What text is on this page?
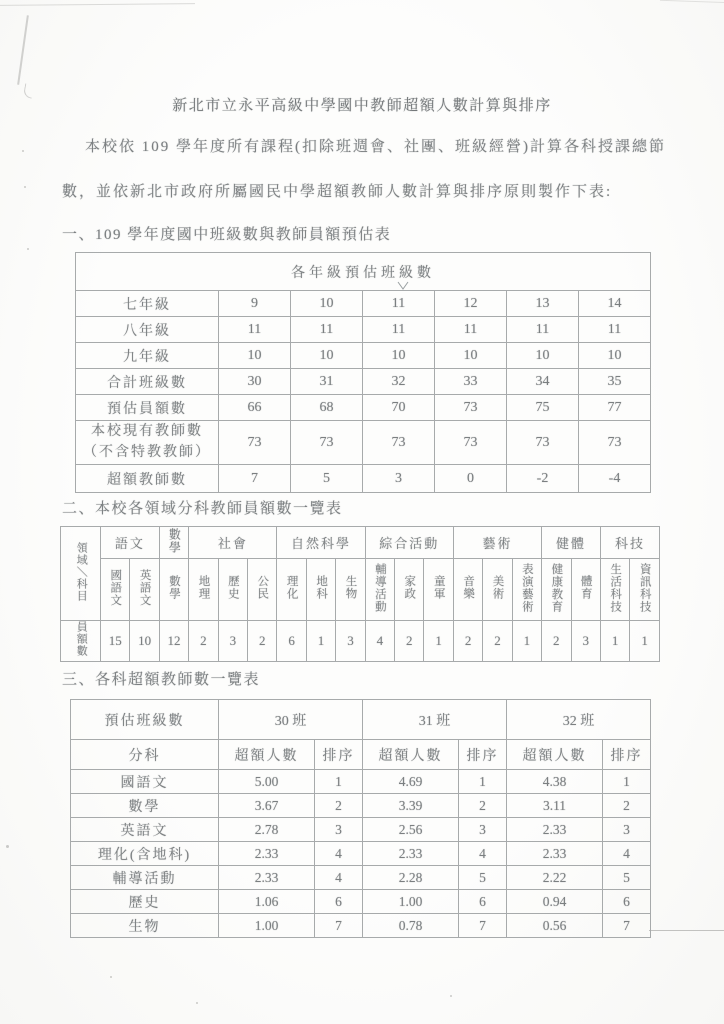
新北市立永平高級中學國中教師超額人數計算與排序
本校依 109 學年度所有課程(扣除班週會、社團、班級經營)計算各科授課總節
數，並依新北市政府所屬國民中學超額教師人數計算與排序原則製作下表:
一、109 學年度國中班級數與教師員額預估表
各年級預估班級數						
七年級	9	10	11	12	13	14
八年級	11	11	11	11	11	11
九年級	10	10	10	10	10	10
合計班級數	30	31	32	33	34	35
預估員額數	66	68	70	73	75	77

本校現有教師數
（不含特教教師）	73	73	73	73	73	73
超額教師數	7	5	3	0	-2	-4
二、本校各領域分科教師員額數一覽表
領域＼科目	語文		數學	社會			自然科學			綜合活動			藝術			健體		科技	
	國語文	英語文	數學	地理	歷史	公民	理化	地科	生物	輔導活動	家政	童軍	音樂	美術	表演藝術	健康教育	體育	生活科技	資訊科技
員額數	15	10	12	2	3	2	6	1	3	4	2	1	2	2	1	2	3	1	1
三、各科超額教師數一覽表
預估班級數	30 班		31 班		32 班	
分科	超額人數	排序	超額人數	排序	超額人數	排序
國語文	5.00	1	4.69	1	4.38	1
數學	3.67	2	3.39	2	3.11	2
英語文	2.78	3	2.56	3	2.33	3
理化(含地科)	2.33	4	2.33	4	2.33	4
輔導活動	2.33	4	2.28	5	2.22	5
歷史	1.06	6	1.00	6	0.94	6
生物	1.00	7	0.78	7	0.56	7
